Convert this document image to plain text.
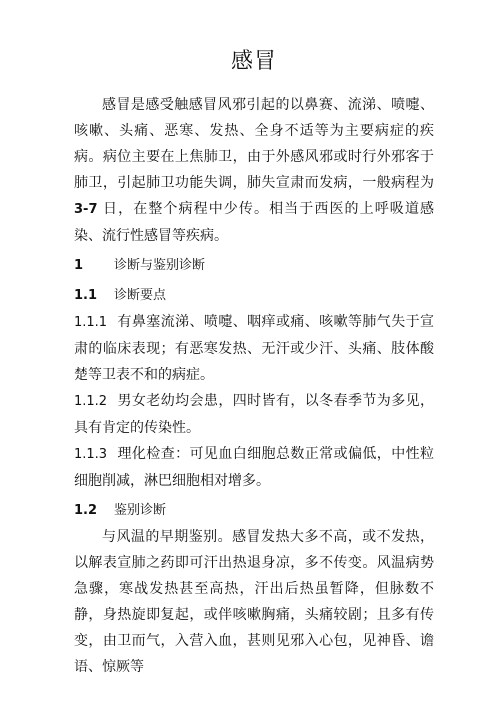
感冒

感冒是感受触感冒风邪引起的以鼻赛、流涕、喷嚏、咳嗽、头痛、恶寒、发热、全身不适等为主要病症的疾病。病位主要在上焦肺卫，由于外感风邪或时行外邪客于肺卫，引起肺卫功能失调，肺失宣肃而发病，一般病程为 3-7 日，在整个病程中少传。相当于西医的上呼吸道感染、流行性感冒等疾病。

1 诊断与鉴别诊断
1.1 诊断要点

1.1.1 有鼻塞流涕、喷嚏、咽痒或痛、咳嗽等肺气失于宣肃的临床表现；有恶寒发热、无汗或少汗、头痛、肢体酸楚等卫表不和的病症。

1.1.2 男女老幼均会患，四时皆有，以冬春季节为多见，具有肯定的传染性。

1.1.3 理化检查：可见血白细胞总数正常或偏低，中性粒细胞削减，淋巴细胞相对增多。

1.2 鉴别诊断

与风温的早期鉴别。感冒发热大多不高，或不发热，以解表宣肺之药即可汗出热退身凉，多不传变。风温病势急骤，寒战发热甚至高热，汗出后热虽暂降，但脉数不静，身热旋即复起，或伴咳嗽胸痛，头痛较剧；且多有传变，由卫而气，入营入血，甚则见邪入心包，见神昏、谵语、惊厥等
